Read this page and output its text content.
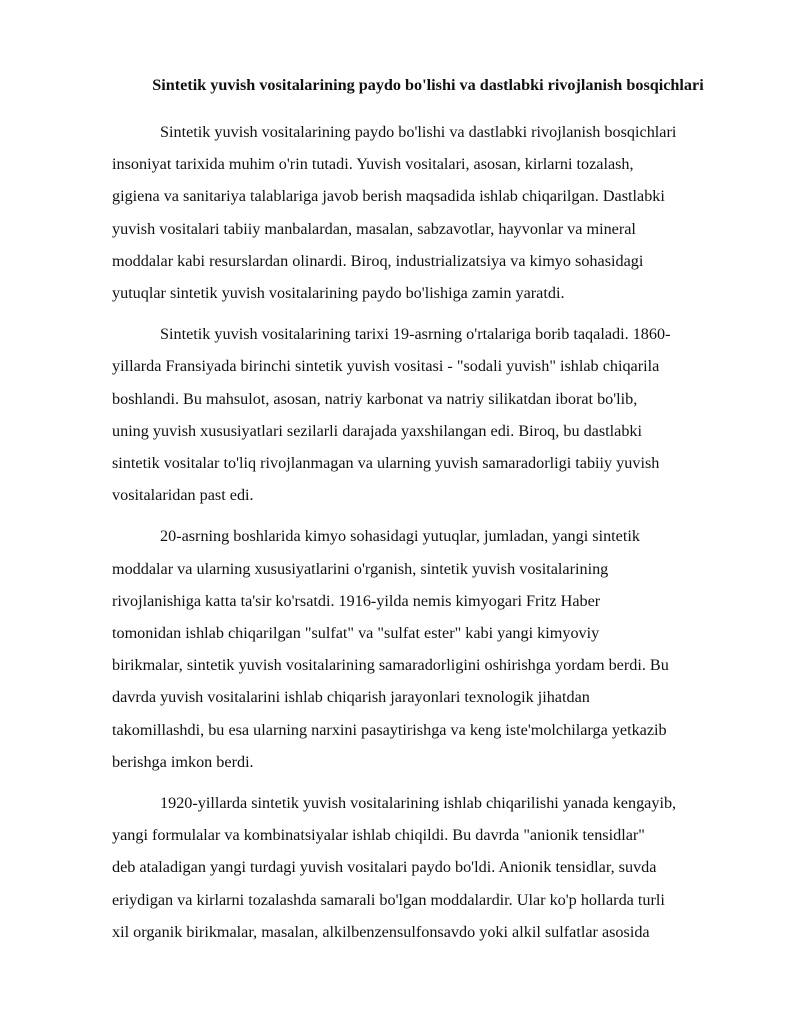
Sintetik yuvish vositalarining paydo bo'lishi va dastlabki rivojlanish bosqichlari
Sintetik yuvish vositalarining paydo bo'lishi va dastlabki rivojlanish bosqichlari
insoniyat tarixida muhim o'rin tutadi. Yuvish vositalari, asosan, kirlarni tozalash,
gigiena va sanitariya talablariga javob berish maqsadida ishlab chiqarilgan. Dastlabki
yuvish vositalari tabiiy manbalardan, masalan, sabzavotlar, hayvonlar va mineral
moddalar kabi resurslardan olinardi. Biroq, industrializatsiya va kimyo sohasidagi
yutuqlar sintetik yuvish vositalarining paydo bo'lishiga zamin yaratdi.
Sintetik yuvish vositalarining tarixi 19-asrning o'rtalariga borib taqaladi. 1860-
yillarda Fransiyada birinchi sintetik yuvish vositasi - "sodali yuvish" ishlab chiqarila
boshlandi. Bu mahsulot, asosan, natriy karbonat va natriy silikatdan iborat bo'lib,
uning yuvish xususiyatlari sezilarli darajada yaxshilangan edi. Biroq, bu dastlabki
sintetik vositalar to'liq rivojlanmagan va ularning yuvish samaradorligi tabiiy yuvish
vositalaridan past edi.
20-asrning boshlarida kimyo sohasidagi yutuqlar, jumladan, yangi sintetik
moddalar va ularning xususiyatlarini o'rganish, sintetik yuvish vositalarining
rivojlanishiga katta ta'sir ko'rsatdi. 1916-yilda nemis kimyogari Fritz Haber
tomonidan ishlab chiqarilgan "sulfat" va "sulfat ester" kabi yangi kimyoviy
birikmalar, sintetik yuvish vositalarining samaradorligini oshirishga yordam berdi. Bu
davrda yuvish vositalarini ishlab chiqarish jarayonlari texnologik jihatdan
takomillashdi, bu esa ularning narxini pasaytirishga va keng iste'molchilarga yetkazib
berishga imkon berdi.
1920-yillarda sintetik yuvish vositalarining ishlab chiqarilishi yanada kengayib,
yangi formulalar va kombinatsiyalar ishlab chiqildi. Bu davrda "anionik tensidlar"
deb ataladigan yangi turdagi yuvish vositalari paydo bo'ldi. Anionik tensidlar, suvda
eriydigan va kirlarni tozalashda samarali bo'lgan moddalardir. Ular ko'p hollarda turli
xil organik birikmalar, masalan, alkilbenzensulfonsavdo yoki alkil sulfatlar asosida
